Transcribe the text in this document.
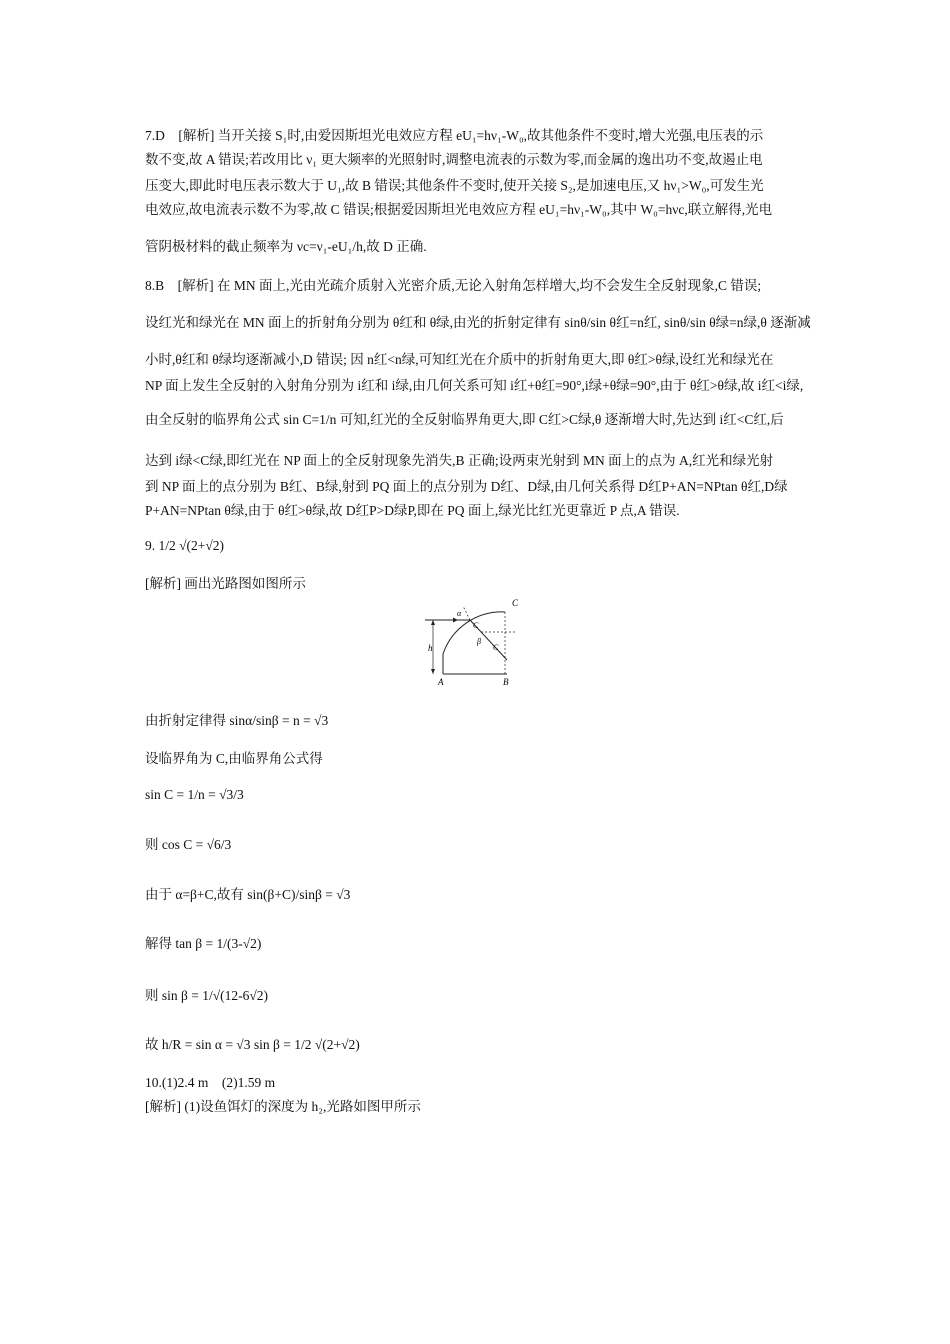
7.D　[解析] 当开关接 S₁时,由爱因斯坦光电效应方程 eU₁=hν₁-W₀,故其他条件不变时,增大光强,电压表的示
数不变,故 A 错误;若改用比 ν₁ 更大频率的光照射时,调整电流表的示数为零,而金属的逸出功不变,故遏止电
压变大,即此时电压表示数大于 U₁,故 B 错误;其他条件不变时,使开关接 S₂,是加速电压,又 hν₁>W₀,可发生光
电效应,故电流表示数不为零,故 C 错误;根据爱因斯坦光电效应方程 eU₁=hν₁-W₀,其中 W₀=hνc,联立解得,光电
管阴极材料的截止频率为 νc=ν₁-eU₁/h,故 D 正确.
8.B　[解析] 在 MN 面上,光由光疏介质射入光密介质,无论入射角怎样增大,均不会发生全反射现象,C 错误;
设红光和绿光在 MN 面上的折射角分别为 θ红和 θ绿,由光的折射定律有 sinθ/sin θ红=n红, sinθ/sin θ绿=n绿,θ 逐渐减
小时,θ红和 θ绿均逐渐减小,D 错误; 因 n红<n绿,可知红光在介质中的折射角更大,即 θ红>θ绿,设红光和绿光在
NP 面上发生全反射的入射角分别为 i红和 i绿,由几何关系可知 i红+θ红=90°,i绿+θ绿=90°,由于 θ红>θ绿,故 i红<i绿,
由全反射的临界角公式 sin C=1/n 可知,红光的全反射临界角更大,即 C红>C绿,θ 逐渐增大时,先达到 i红<C红,后
达到 i绿<C绿,即红光在 NP 面上的全反射现象先消失,B 正确;设两束光射到 MN 面上的点为 A,红光和绿光射
到 NP 面上的点分别为 B红、B绿,射到 PQ 面上的点分别为 D红、D绿,由几何关系得 D红P+AN=NPtan θ红,D绿
P+AN=NPtan θ绿,由于 θ红>θ绿,故 D红P>D绿P,即在 PQ 面上,绿光比红光更靠近 P 点,A 错误.
9. 1/2 √(2+√2)
[解析] 画出光路图如图所示
C
α
C
β
C
h
A	B
由折射定律得 sinα/sinβ = n = √3
设临界角为 C,由临界角公式得
sin C = 1/n = √3/3
则 cos C = √6/3
由于 α=β+C,故有 sin(β+C)/sinβ = √3
解得 tan β = 1/(3-√2)
则 sin β = 1/√(12-6√2)
故 h/R = sin α = √3 sin β = 1/2 √(2+√2)
10.(1)2.4 m　(2)1.59 m
[解析] (1)设鱼饵灯的深度为 h₂,光路如图甲所示
